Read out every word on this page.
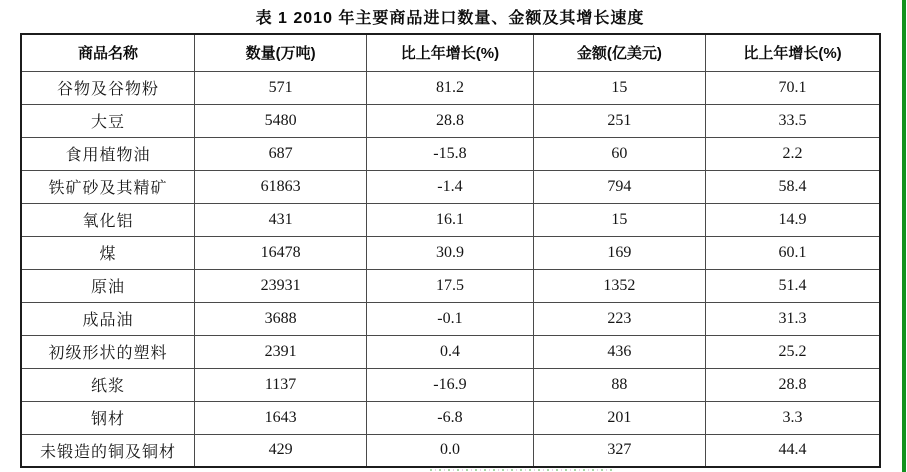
表 1 2010 年主要商品进口数量、金额及其增长速度
商品名称	数量(万吨)	比上年增长(%)	金额(亿美元)	比上年增长(%)
谷物及谷物粉	571	81.2	15	70.1
大豆	5480	28.8	251	33.5
食用植物油	687	-15.8	60	2.2
铁矿砂及其精矿	61863	-1.4	794	58.4
氧化铝	431	16.1	15	14.9
煤	16478	30.9	169	60.1
原油	23931	17.5	1352	51.4
成品油	3688	-0.1	223	31.3
初级形状的塑料	2391	0.4	436	25.2
纸浆	1137	-16.9	88	28.8
钢材	1643	-6.8	201	3.3
未锻造的铜及铜材	429	0.0	327	44.4
